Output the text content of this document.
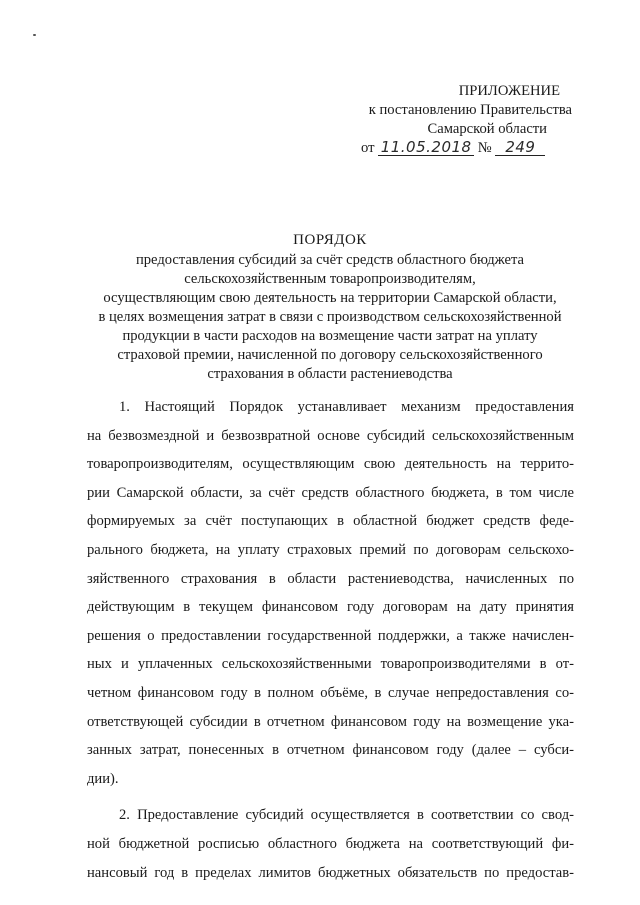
ПРИЛОЖЕНИЕ
к постановлению Правительства
Самарской области
от 11.05.2018 № 249
ПОРЯДОК
предоставления субсидий за счёт средств областного бюджета
сельскохозяйственным товаропроизводителям,
осуществляющим свою деятельность на территории Самарской области,
в целях возмещения затрат в связи с производством сельскохозяйственной
продукции в части расходов на возмещение части затрат на уплату
страховой премии, начисленной по договору сельскохозяйственного
страхования в области растениеводства
1. Настоящий Порядок устанавливает механизм предоставления
на безвозмездной и безвозвратной основе субсидий сельскохозяйственным
товаропроизводителям, осуществляющим свою деятельность на террито-
рии Самарской области, за счёт средств областного бюджета, в том числе
формируемых за счёт поступающих в областной бюджет средств феде-
рального бюджета, на уплату страховых премий по договорам сельскохо-
зяйственного страхования в области растениеводства, начисленных по
действующим в текущем финансовом году договорам на дату принятия
решения о предоставлении государственной поддержки, а также начислен-
ных и уплаченных сельскохозяйственными товаропроизводителями в от-
четном финансовом году в полном объёме, в случае непредоставления со-
ответствующей субсидии в отчетном финансовом году на возмещение ука-
занных затрат, понесенных в отчетном финансовом году (далее – субси-
дии).
2. Предоставление субсидий осуществляется в соответствии со свод-
ной бюджетной росписью областного бюджета на соответствующий фи-
нансовый год в пределах лимитов бюджетных обязательств по предостав-
